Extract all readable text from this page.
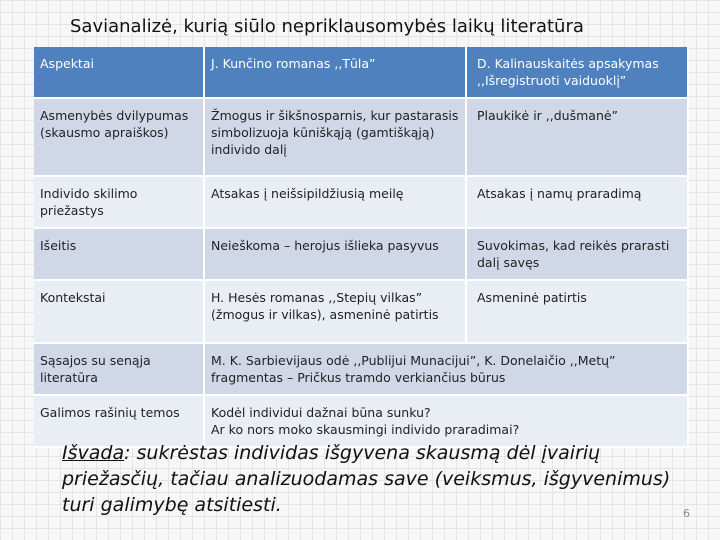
Savianalizė, kurią siūlo nepriklausomybės laikų literatūra
Aspektai	J. Kunčino romanas ,,Tūla”	D. Kalinauskaitės apsakymas ,,Išregistruoti vaiduoklį”
Asmenybės dvilypumas (skausmo apraiškos)	Žmogus ir šikšnosparnis, kur pastarasis simbolizuoja kūniškąją (gamtiškąją) individo dalį	Plaukikė ir ,,dušmanė”
Individo skilimo priežastys	Atsakas į neišsipildžiusią meilę	Atsakas į namų praradimą
Išeitis	Neieškoma – herojus išlieka pasyvus	Suvokimas, kad reikės prarasti dalį savęs
Kontekstai	H. Hesės romanas ,,Stepių vilkas” (žmogus ir vilkas), asmeninė patirtis	Asmeninė patirtis
Sąsajos su senąja literatūra	M. K. Sarbievijaus odė ,,Publijui Munacijui”, K. Donelaičio ,,Metų” fragmentas – Pričkus tramdo verkiančius būrus	
Galimos rašinių temos	Kodėl individui dažnai būna sunku?
Ar ko nors moko skausmingi individo praradimai?	

Išvada: sukrėstas individas išgyvena skausmą dėl įvairių priežasčių, tačiau analizuodamas save (veiksmus, išgyvenimus) turi galimybę atsitiesti.	6
